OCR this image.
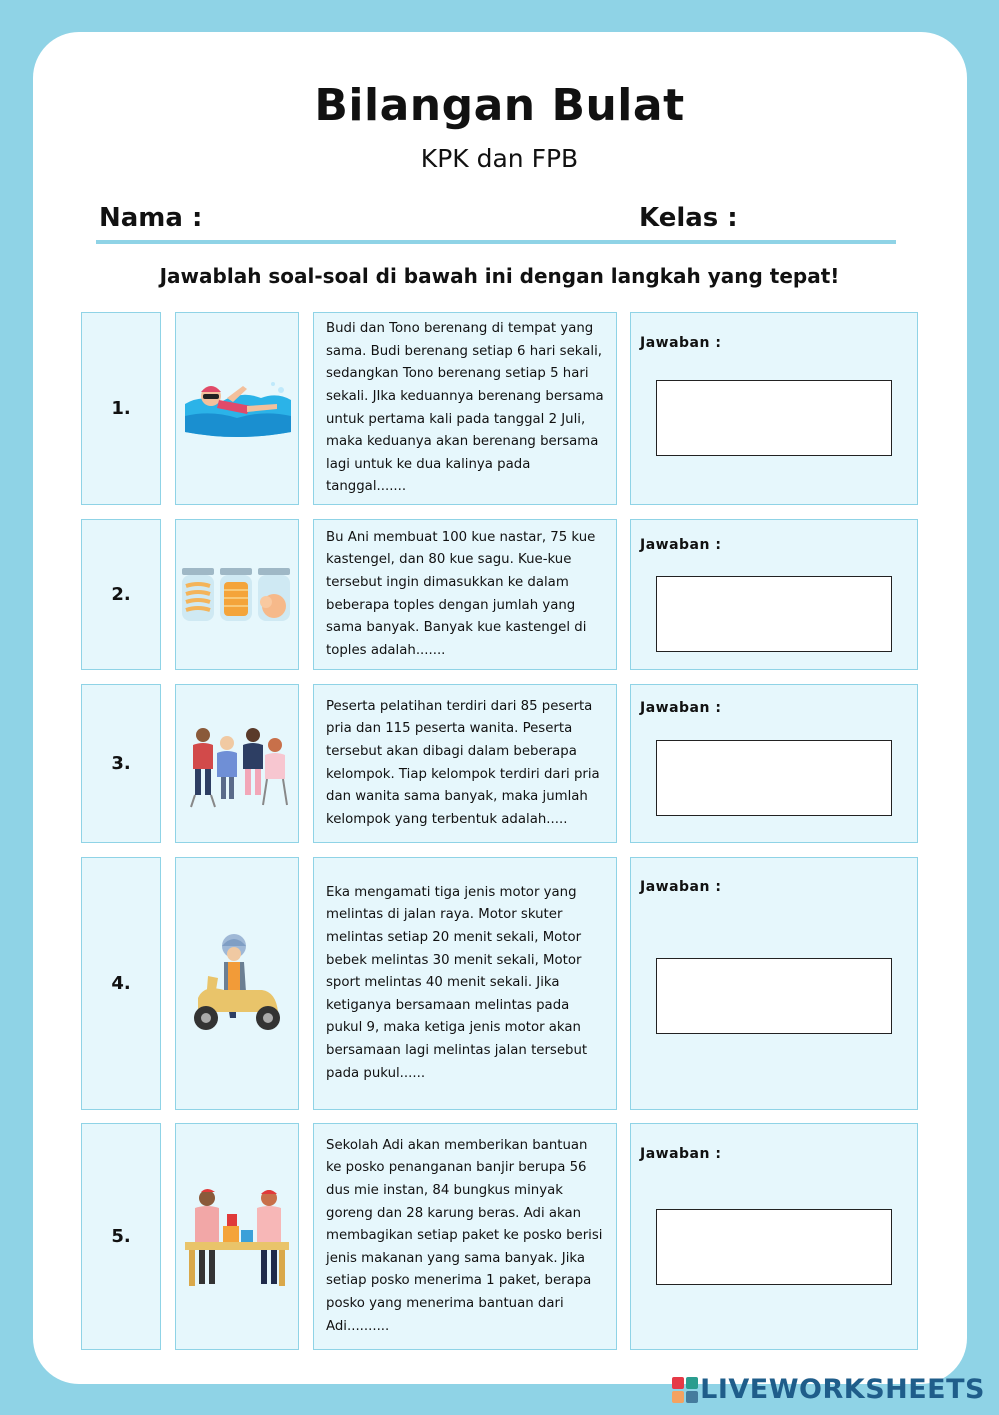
Bilangan Bulat
KPK dan FPB
Nama :	Kelas :
Jawablah soal-soal di bawah ini dengan langkah yang tepat!
1.
Budi dan Tono berenang di tempat yang sama. Budi berenang setiap 6 hari sekali, sedangkan Tono berenang setiap 5 hari sekali. JIka keduannya berenang bersama untuk pertama kali pada tanggal 2 Juli, maka keduanya akan berenang bersama lagi untuk ke dua kalinya pada tanggal.......
Jawaban :
2.
Bu Ani membuat 100 kue nastar, 75 kue kastengel, dan 80 kue sagu. Kue-kue tersebut ingin dimasukkan ke dalam beberapa toples dengan jumlah yang sama banyak. Banyak kue kastengel di toples adalah.......
Jawaban :
3.
Peserta pelatihan terdiri dari 85 peserta pria dan 115 peserta wanita. Peserta tersebut akan dibagi dalam beberapa kelompok. Tiap kelompok terdiri dari pria dan wanita sama banyak, maka jumlah kelompok yang terbentuk adalah.....
Jawaban :
4.
Eka mengamati tiga jenis motor yang melintas di jalan raya. Motor skuter melintas setiap 20 menit sekali, Motor bebek melintas 30 menit sekali, Motor sport melintas 40 menit sekali. Jika ketiganya bersamaan melintas pada pukul 9, maka ketiga jenis motor akan bersamaan lagi melintas jalan tersebut pada pukul......
Jawaban :
5.
Sekolah Adi akan memberikan bantuan ke posko penanganan banjir berupa 56 dus mie instan, 84 bungkus minyak goreng dan 28 karung beras. Adi akan membagikan setiap paket ke posko berisi jenis makanan yang sama banyak. Jika setiap posko menerima 1 paket, berapa posko yang menerima bantuan dari Adi..........
Jawaban :
LIVEWORKSHEETS
